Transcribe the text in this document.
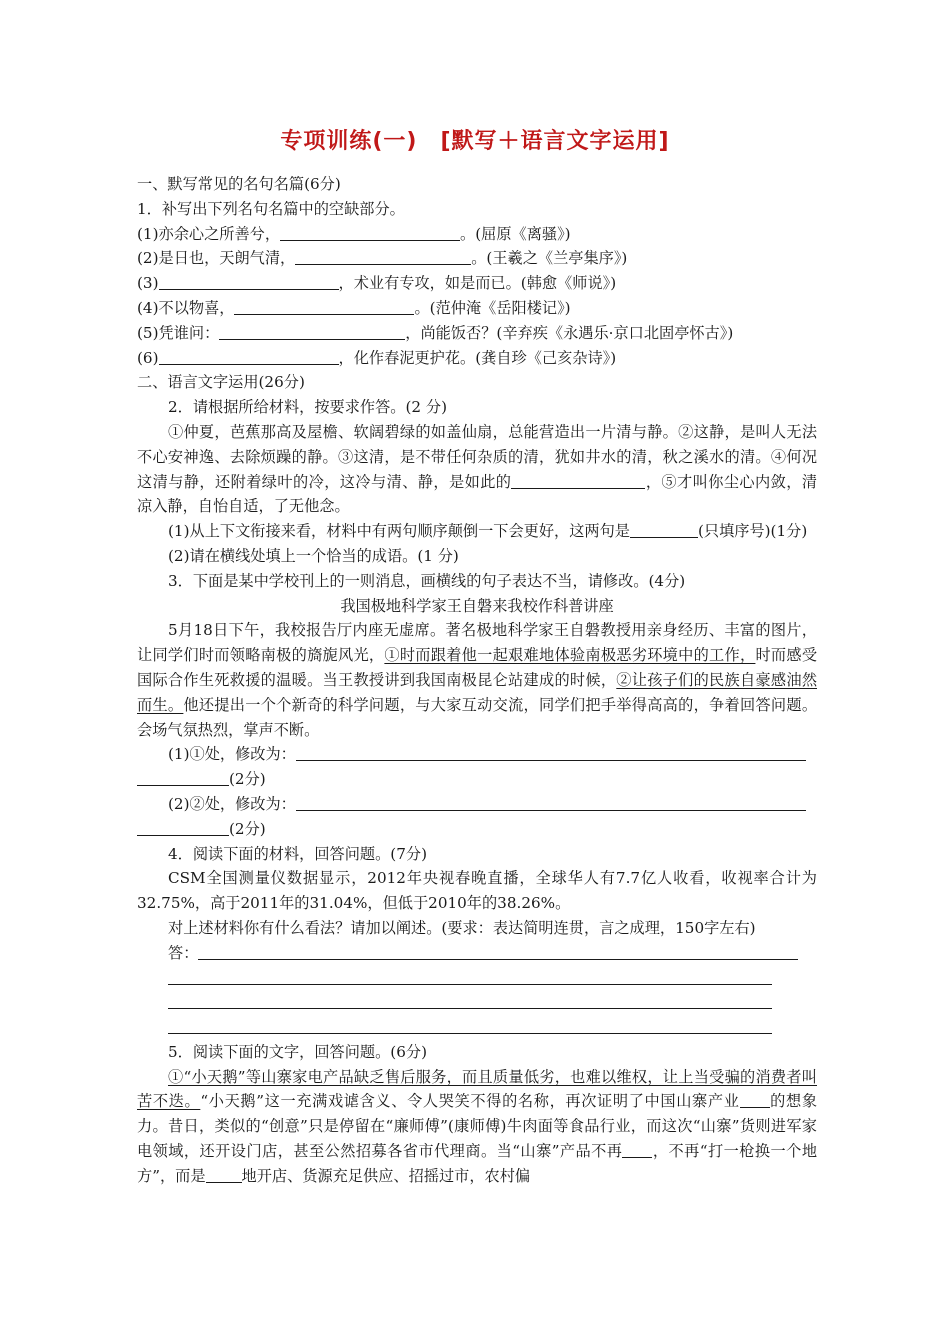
专项训练(一)　[默写＋语言文字运用]
一、默写常见的名句名篇(6分)
1．补写出下列名句名篇中的空缺部分。
(1)亦余心之所善兮，	。(屈原《离骚》)
(2)是日也，天朗气清，	。(王羲之《兰亭集序》)
(3)	，术业有专攻，如是而已。(韩愈《师说》)
(4)不以物喜，	。(范仲淹《岳阳楼记》)
(5)凭谁问：	，尚能饭否？(辛弃疾《永遇乐·京口北固亭怀古》)
(6)	，化作春泥更护花。(龚自珍《己亥杂诗》)
二、语言文字运用(26分)
2．请根据所给材料，按要求作答。(2 分)

①仲夏，芭蕉那高及屋檐、软阔碧绿的如盖仙扇，总能营造出一片清与静。②这静，是叫人无法不心安神逸、去除烦躁的静。③这清，是不带任何杂质的清，犹如井水的清，秋之溪水的清。④何况这清与静，还附着绿叶的冷，这冷与清、静，是如此的	，⑤才叫你尘心内敛，清凉入静，自怡自适，了无他念。

(1)从上下文衔接来看，材料中有两句顺序颠倒一下会更好，这两句是	(只填序号)(1分)

(2)请在横线处填上一个恰当的成语。(1 分)
3．下面是某中学校刊上的一则消息，画横线的句子表达不当，请修改。(4分)
我国极地科学家王自磐来我校作科普讲座

5月18日下午，我校报告厅内座无虚席。著名极地科学家王自磐教授用亲身经历、丰富的图片，让同学们时而领略南极的旖旎风光，①时而跟着他一起艰难地体验南极恶劣环境中的工作，时而感受国际合作生死救援的温暖。当王教授讲到我国南极昆仑站建成的时候，②让孩子们的民族自豪感油然而生。他还提出一个个新奇的科学问题，与大家互动交流，同学们把手举得高高的，争着回答问题。会场气氛热烈，掌声不断。

(1)①处，修改为：
(2分)
(2)②处，修改为：
(2分)
4．阅读下面的材料，回答问题。(7分)

CSM全国测量仪数据显示，2012年央视春晚直播，全球华人有7.7亿人收看，收视率合计为32.75%，高于2011年的31.04%，但低于2010年的38.26%。

对上述材料你有什么看法？请加以阐述。(要求：表达简明连贯，言之成理，150字左右)
答：
5．阅读下面的文字，回答问题。(6分)

①“小天鹅”等山寨家电产品缺乏售后服务，而且质量低劣，也难以维权，让上当受骗的消费者叫苦不迭。“小天鹅”这一充满戏谑含义、令人哭笑不得的名称，再次证明了中国山寨产业 的想象力。昔日，类似的“创意”只是停留在“廉师傅”(康师傅)牛肉面等食品行业，而这次“山寨”货则进军家电领域，还开设门店，甚至公然招募各省市代理商。当“山寨”产品不再 ，不再“打一枪换一个地方”，而是 地开店、货源充足供应、招摇过市，农村偏
